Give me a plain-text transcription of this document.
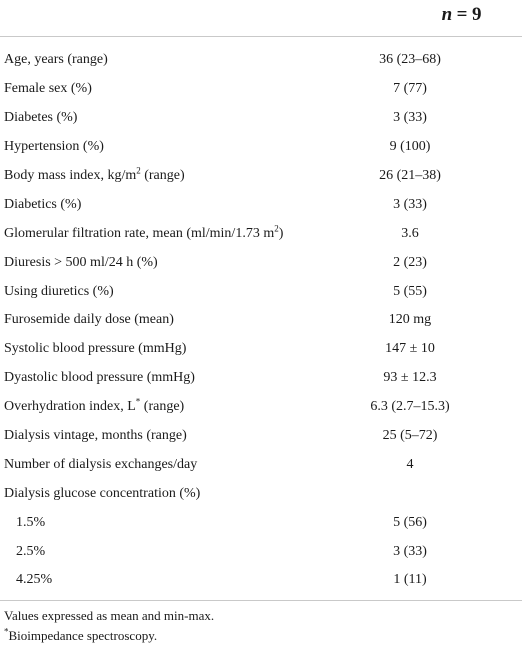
n = 9
Age, years (range)	36 (23–68)
Female sex (%)	7 (77)
Diabetes (%)	3 (33)
Hypertension (%)	9 (100)
Body mass index, $kg/m^2$ (range)	26 (21–38)
Diabetics (%)	3 (33)
Glomerular filtration rate, mean (ml/min/1.73 $m^2$)	3.6
Diuresis > 500 ml/24 h (%)	2 (23)
Using diuretics (%)	5 (55)
Furosemide daily dose (mean)	120 mg
Systolic blood pressure (mmHg)	147 ± 10
Dyastolic blood pressure (mmHg)	93 ± 12.3
Overhydration index, L* (range)	6.3 (2.7–15.3)
Dialysis vintage, months (range)	25 (5–72)
Number of dialysis exchanges/day	4
Dialysis glucose concentration (%)
1.5%	5 (56)
2.5%	3 (33)
4.25%	1 (11)
Values expressed as mean and min-max.
*Bioimpedance spectroscopy.
